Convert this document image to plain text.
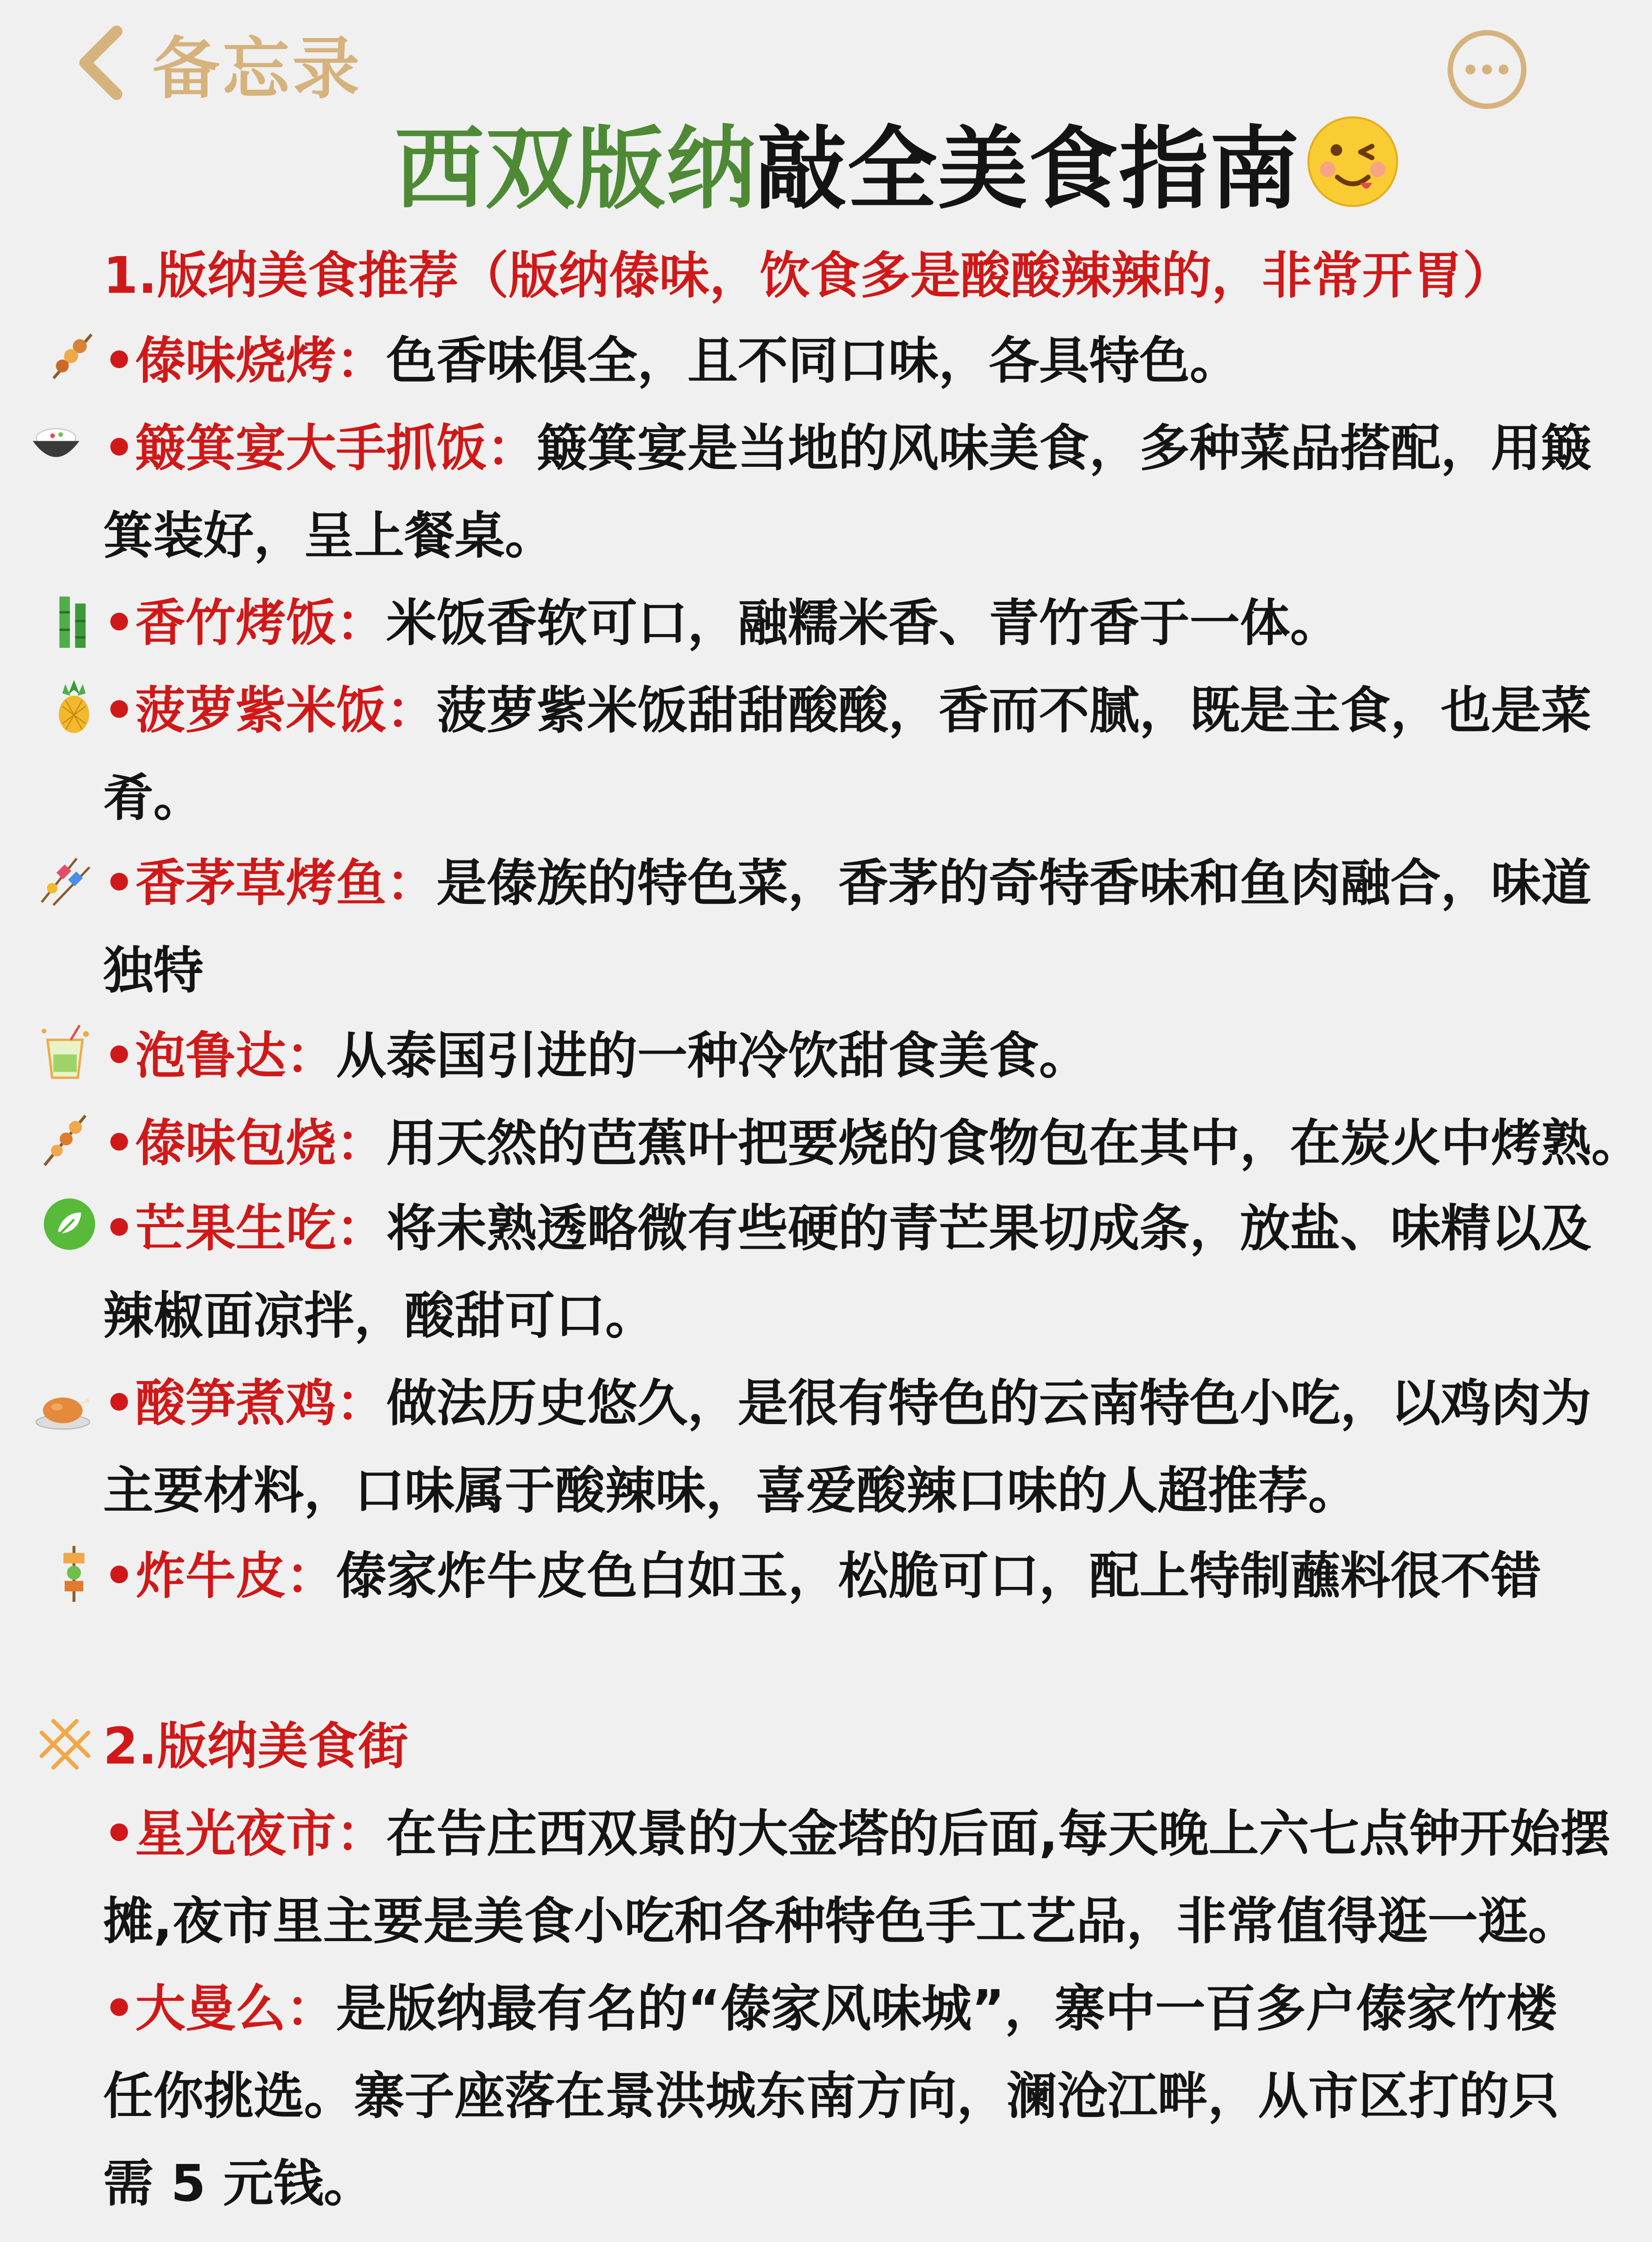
备忘录
西双版纳 敲全美食指南
1.版纳美食推荐（版纳傣味，饮食多是酸酸辣辣的，非常开胃）
•傣味烧烤：色香味俱全，且不同口味，各具特色。
•簸箕宴大手抓饭：簸箕宴是当地的风味美食，多种菜品搭配，用簸
箕装好，呈上餐桌。
•香竹烤饭：米饭香软可口，融糯米香、青竹香于一体。
•菠萝紫米饭：菠萝紫米饭甜甜酸酸，香而不腻，既是主食，也是菜
肴。
•香茅草烤鱼：是傣族的特色菜，香茅的奇特香味和鱼肉融合，味道
独特
•泡鲁达：从泰国引进的一种冷饮甜食美食。
•傣味包烧：用天然的芭蕉叶把要烧的食物包在其中，在炭火中烤熟。
•芒果生吃：将未熟透略微有些硬的青芒果切成条，放盐、味精以及
辣椒面凉拌，酸甜可口。
•酸笋煮鸡：做法历史悠久，是很有特色的云南特色小吃，以鸡肉为
主要材料，口味属于酸辣味，喜爱酸辣口味的人超推荐。
•炸牛皮：傣家炸牛皮色白如玉，松脆可口，配上特制蘸料很不错
2.版纳美食街
•星光夜市：在告庄西双景的大金塔的后面,每天晚上六七点钟开始摆
摊,夜市里主要是美食小吃和各种特色手工艺品，非常值得逛一逛。
•大曼么：是版纳最有名的“傣家风味城”，寨中一百多户傣家竹楼
任你挑选。寨子座落在景洪城东南方向，澜沧江畔，从市区打的只
需 5 元钱。
